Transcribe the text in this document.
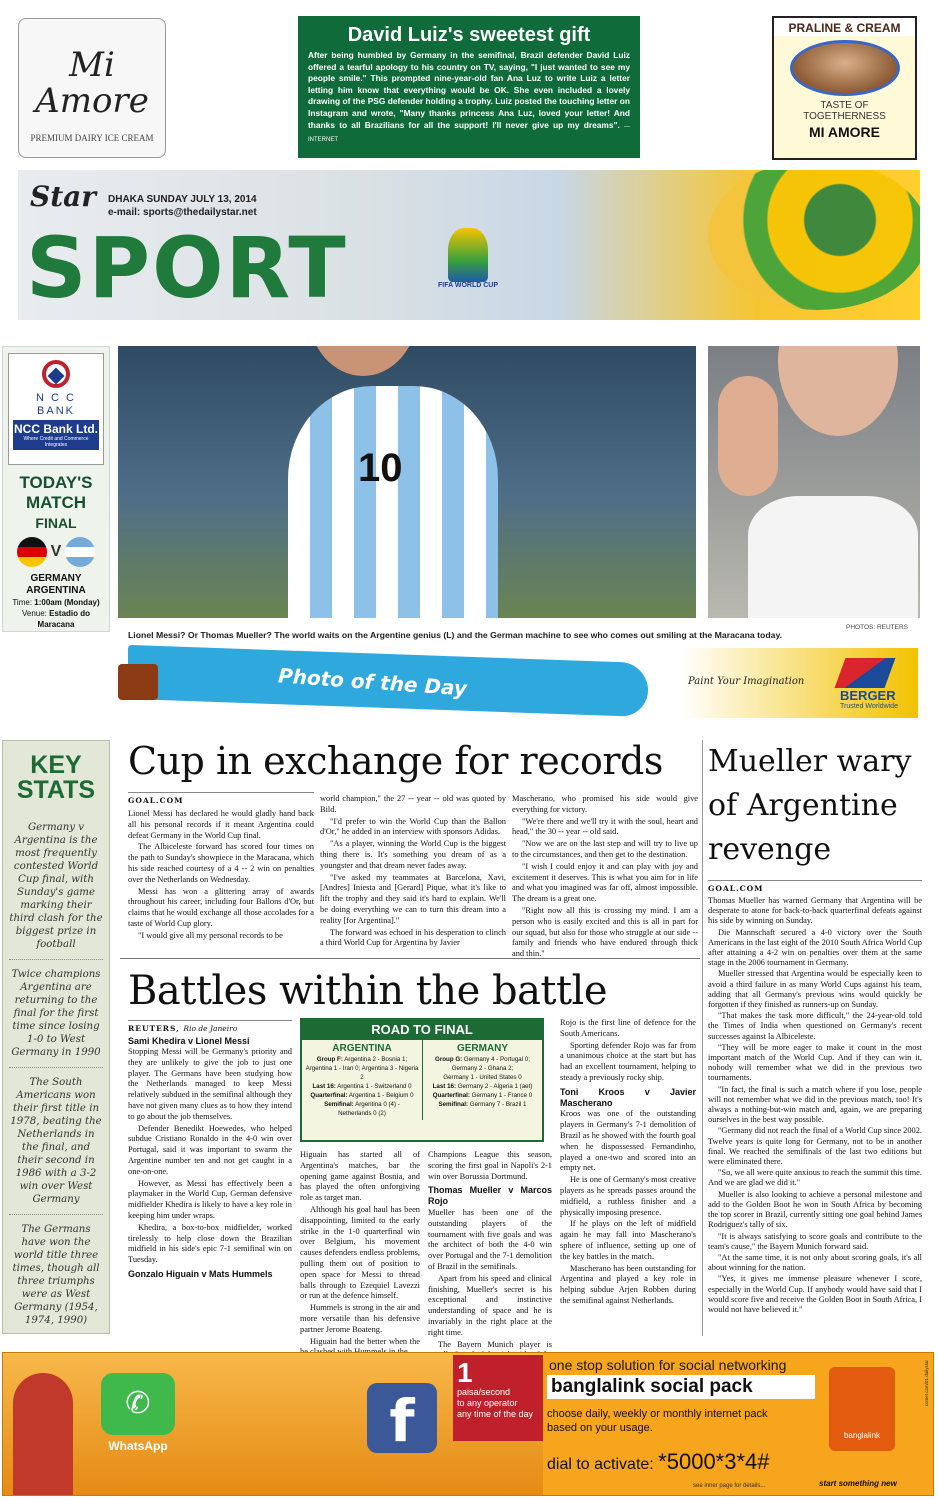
Mi Amore
PREMIUM DAIRY ICE CREAM
David Luiz's sweetest gift
After being humbled by Germany in the semifinal, Brazil defender David Luiz offered a tearful apology to his country on TV, saying, "I just wanted to see my people smile." This prompted nine-year-old fan Ana Luz to write Luiz a letter letting him know that everything would be OK. She even included a lovely drawing of the PSG defender holding a trophy. Luiz posted the touching letter on Instagram and wrote, "Many thanks princess Ana Luz, loved your letter! And thanks to all Brazilians for all the support! I'll never give up my dreams". ---INTERNET
PRALINE & CREAM
TASTE OF
TOGETHERNESS
MI AMORE
Star DHAKA SUNDAY JULY 13, 2014
e-mail: sports@thedailystar.net
SPORT	FIFA WORLD CUP
N C C
BANK
NCC Bank Ltd.
Where Credit and Commerce Integrates
TODAY'S
MATCH
FINAL
V
GERMANY
ARGENTINA
Time: 1:00am (Monday)
Venue: Estadio do Maracana
10
PHOTOS: REUTERS
Lionel Messi? Or Thomas Mueller? The world waits on the Argentine genius (L) and the German machine to see who comes out smiling at the Maracana today.
Photo of the Day	Paint Your Imagination
BERGER
Trusted Worldwide
KEY
STATS
Germany v Argentina is the most frequently contested World Cup final, with Sunday's game marking their third clash for the biggest prize in football
Twice champions Argentina are returning to the final for the first time since losing 1-0 to West Germany in 1990
The South Americans won their first title in 1978, beating the Netherlands in the final, and their second in 1986 with a 3-2 win over West Germany
The Germans have won the world title three times, though all three triumphs were as West Germany (1954, 1974, 1990)
Cup in exchange for records
GOAL.COM

Lionel Messi has declared he would gladly hand back all his personal records if it meant Argentina could defeat Germany in the World Cup final.

The Albiceleste forward has scored four times on the path to Sunday's showpiece in the Maracana, which his side reached courtesy of a 4 -- 2 win on penalties over the Netherlands on Wednesday.

Messi has won a glittering array of awards throughout his career, including four Ballons d'Or, but claims that he would exchange all those accolades for a taste of World Cup glory.

"I would give all my personal records to be

world champion," the 27 -- year -- old was quoted by Bild.

"I'd prefer to win the World Cup than the Ballon d'Or," he added in an interview with sponsors Adidas.

"As a player, winning the World Cup is the biggest thing there is. It's something you dream of as a youngster and that dream never fades away.

"I've asked my teammates at Barcelona, Xavi, [Andres] Iniesta and [Gerard] Pique, what it's like to lift the trophy and they said it's hard to explain. We'll be doing everything we can to turn this dream into a reality [for Argentina]."

The forward was echoed in his desperation to clinch a third World Cup for Argentina by Javier

Mascherano, who promised his side would give everything for victory.

"We're there and we'll try it with the soul, heart and head," the 30 -- year -- old said.

"Now we are on the last step and will try to live up to the circumstances, and then get to the destination.

"I wish I could enjoy it and can play with joy and excitement it deserves. This is what you aim for in life and what you imagined was far off, almost impossible. The dream is a great one.

"Right now all this is crossing my mind. I am a person who is easily excited and this is all in part for our squad, but also for those who struggle at our side -- family and friends who have endured through thick and thin."

Battles within the battle
REUTERS, Rio de Janeiro
Sami Khedira v Lionel Messi

Stopping Messi will be Germany's priority and they are unlikely to give the job to just one player. The Germans have been studying how the Netherlands managed to keep Messi relatively subdued in the semifinal although they have not given many clues as to how they intend to go about the job themselves.

Defender Benedikt Hoewedes, who helped subdue Cristiano Ronaldo in the 4-0 win over Portugal, said it was important to swarm the Argentine number ten and not get caught in a one-on-one.

However, as Messi has effectively been a playmaker in the World Cup, German defensive midfielder Khedira is likely to have a key role in keeping him under wraps.

Khedira, a box-to-box midfielder, worked tirelessly to help close down the Brazilian midfield in his side's epic 7-1 semifinal win on Tuesday.

Gonzalo Higuain v Mats Hummels
ROAD TO FINAL
ARGENTINA
Group F: Argentina 2 - Bosnia 1;
Argentina 1 - Iran 0; Argentina 3 - Nigeria 2
Last 16: Argentina 1 - Switzerland 0
Quarterfinal: Argentina 1 - Belgium 0
Semifinal: Argentina 0 (4) -
Netherlands 0 (2)
GERMANY
Group G: Germany 4 - Portugal 0;
Germany 2 - Ghana 2;
Germany 1 - United States 0
Last 16: Germany 2 - Algeria 1 (aet)
Quarterfinal: Germany 1 - France 0
Semifinal: Germany 7 - Brazil 1

Higuain has started all of Argentina's matches, bar the opening game against Bosnia, and has played the often unforgiving role as target man.

Although his goal haul has been disappointing, limited to the early strike in the 1-0 quarterfinal win over Belgium, his movement causes defenders endless problems, pulling them out of position to open space for Messi to thread balls through to Ezequiel Lavezzi or run at the defence himself.

Hummels is strong in the air and more versatile than his defensive partner Jerome Boateng.

Higuain had the better when the

Champions League this season, scoring the first goal in Napoli's 2-1 win over Borussia Dortmund.

Thomas Mueller v Marcos Rojo

Mueller has been one of the outstanding players of the tournament with five goals and was the architect of both the 4-0 win over Portugal and the 7-1 demolition of Brazil in the semifinals.

Apart from his speed and clinical finishing, Mueller's secret is his exceptional and instinctive understanding of space and he is invariably in the right place at the right time.

The Bayern Munich player is

Rojo is the first line of defence for the South Americans.

Sporting defender Rojo was far from a unanimous choice at the start but has had an excellent tournament, helping to steady a previously rocky ship.

Toni Kroos v Javier Mascherano

Kroos was one of the outstanding players in Germany's 7-1 demolition of Brazil as he showed with the fourth goal when he dispossessed Fernandinho, played a one-two and scored into an empty net.

He is one of Germany's most creative players as he spreads passes around the midfield, a ruthless finisher and a physically imposing presence.

If he plays on the left of midfield again he may fall into Mascherano's sphere of influence, setting up one of the key battles in the match.

Mascherano has been outstanding for Argentina and played a key role in helping subdue Arjen Robben during the semifinal against Netherlands.

Mueller wary of Argentine revenge
GOAL.COM

Thomas Mueller has warned Germany that Argentina will be desperate to atone for back-to-back quarterfinal defeats against his side by winning on Sunday.

Die Mannschaft secured a 4-0 victory over the South Americans in the last eight of the 2010 South Africa World Cup after attaining a 4-2 win on penalties over them at the same stage in the 2006 tournament in Germany.

Mueller stressed that Argentina would be especially keen to avoid a third failure in as many World Cups against his team, adding that all Germany's previous wins would quickly be forgotten if they finished as runners-up on Sunday.

"That makes the task more difficult," the 24-year-old told the Times of India when questioned on Germany's recent successes against la Albiceleste.

"They will be more eager to make it count in the most important match of the World Cup. And if they can win it, nobody will remember what we did in the previous two tournaments.

"In fact, the final is such a match where if you lose, people will not remember what we did in the previous match, too! It's always a nothing-but-win match and, again, we are preparing ourselves in the best way possible.

"Germany did not reach the final of a World Cup since 2002. Twelve years is quite long for Germany, not to be in another final. We reached the semifinals of the last two editions but were eliminated there.

"So, we all were quite anxious to reach the summit this time. And we are glad we did it."

Mueller is also looking to achieve a personal milestone and add to the Golden Boot he won in South Africa by becoming the top scorer in Brazil, currently sitting one goal behind James Rodriguez's tally of six.

"It is always satisfying to score goals and contribute to the team's cause," the Bayern Munich forward said.

"At the same time, it is not only about scoring goals, it's all about winning for the nation.

"Yes, it gives me immense pleasure whenever I score, especially in the World Cup. If anybody would have said that I would score five and receive the Golden Boot in South Africa, I would not have believed it."

✆
WhatsApp	f
1
paisa/second
to any operator
any time of the day
one stop solution for social networking
banglalink social pack
choose daily, weekly or monthly internet pack
based on your usage.
dial to activate: *5000*3*4#
see inner page for details...
banglalink
start something new
comet.com/01 dailystar
